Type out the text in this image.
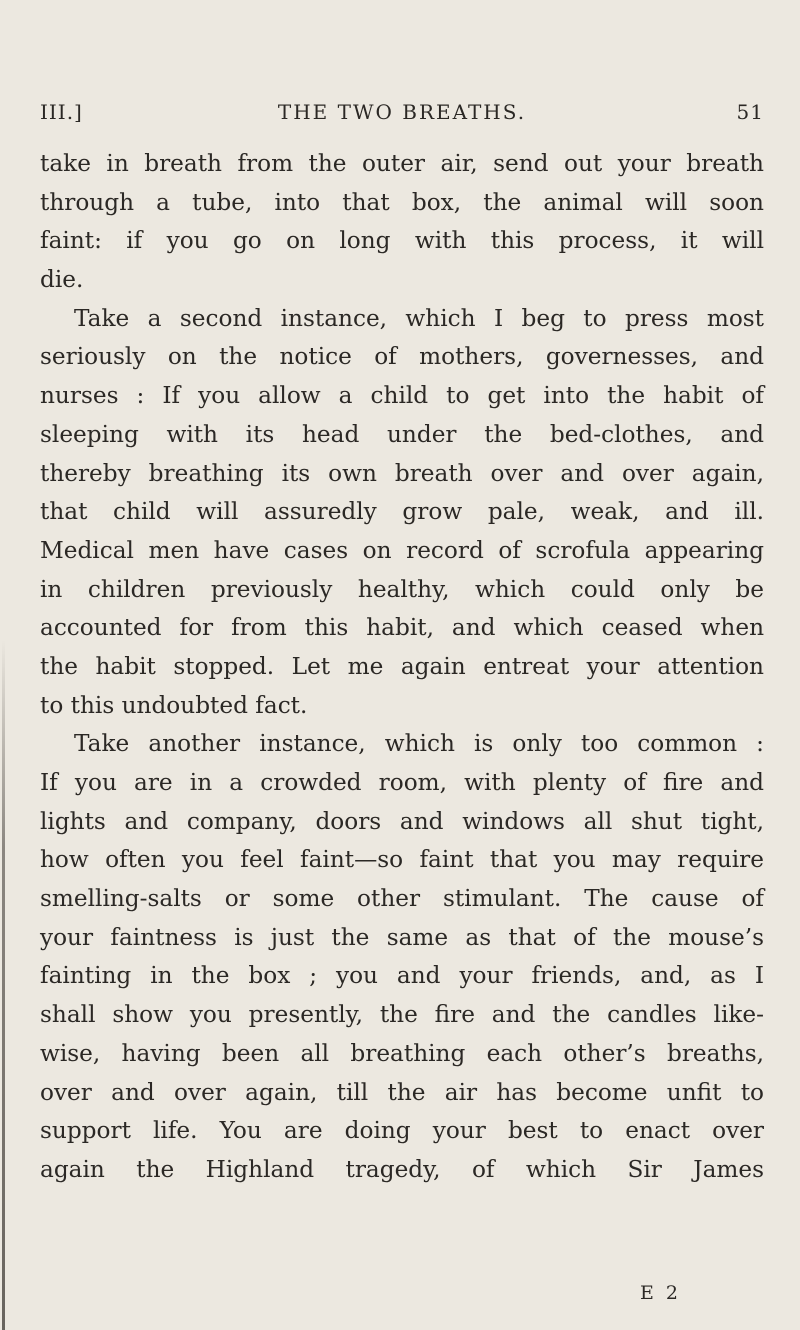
III.]	THE TWO BREATHS.	51
take in breath from the outer air, send out your breath
through a tube, into that box, the animal will soon
faint: if you go on long with this process, it will
die.
Take a second instance, which I beg to press most
seriously on the notice of mothers, governesses, and
nurses : If you allow a child to get into the habit of
sleeping with its head under the bed-clothes, and
thereby breathing its own breath over and over again,
that child will assuredly grow pale, weak, and ill.
Medical men have cases on record of scrofula appearing
in children previously healthy, which could only be
accounted for from this habit, and which ceased when
the habit stopped. Let me again entreat your attention
to this undoubted fact.
Take another instance, which is only too common :
If you are in a crowded room, with plenty of fire and
lights and company, doors and windows all shut tight,
how often you feel faint—so faint that you may require
smelling-salts or some other stimulant. The cause of
your faintness is just the same as that of the mouse’s
fainting in the box ; you and your friends, and, as I
shall show you presently, the fire and the candles like-
wise, having been all breathing each other’s breaths,
over and over again, till the air has become unfit to
support life. You are doing your best to enact over
again the Highland tragedy, of which Sir James
E 2
